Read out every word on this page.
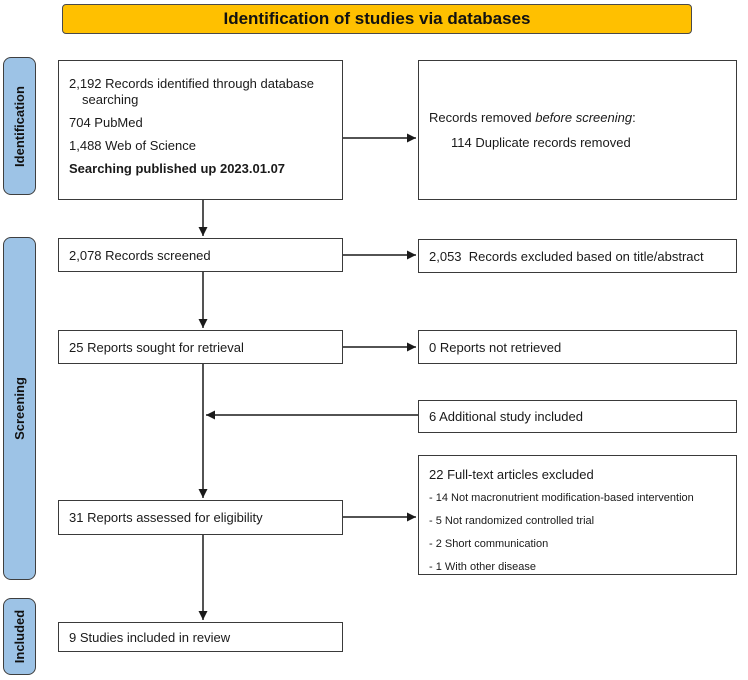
Identification of studies via databases
Identification
Screening
Included

2,192 Records identified through database searching

704 PubMed

1,488 Web of Science

Searching published up 2023.01.07

Records removed before screening:

114 Duplicate records removed

2,078 Records screened	2,053  Records excluded based on title/abstract
25 Reports sought for retrieval	0 Reports not retrieved
6 Additional study included

22 Full-text articles excluded

- 14 Not macronutrient modification-based intervention

- 5 Not randomized controlled trial

- 2 Short communication

- 1 With other disease

31 Reports assessed for eligibility
9 Studies included in review
